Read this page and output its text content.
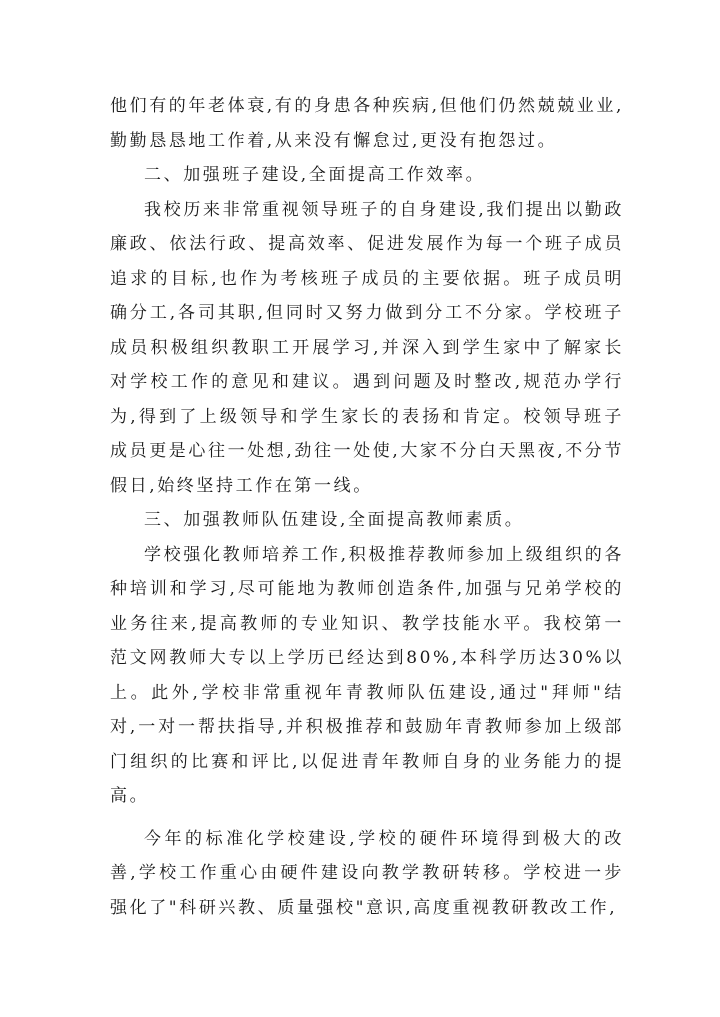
他们有的年老体衰,有的身患各种疾病,但他们仍然兢兢业业,勤勤恳恳地工作着,从来没有懈怠过,更没有抱怨过。

二、加强班子建设,全面提高工作效率。

我校历来非常重视领导班子的自身建设,我们提出以勤政廉政、依法行政、提高效率、促进发展作为每一个班子成员追求的目标,也作为考核班子成员的主要依据。班子成员明确分工,各司其职,但同时又努力做到分工不分家。学校班子成员积极组织教职工开展学习,并深入到学生家中了解家长对学校工作的意见和建议。遇到问题及时整改,规范办学行为,得到了上级领导和学生家长的表扬和肯定。校领导班子成员更是心往一处想,劲往一处使,大家不分白天黑夜,不分节假日,始终坚持工作在第一线。

三、加强教师队伍建设,全面提高教师素质。

学校强化教师培养工作,积极推荐教师参加上级组织的各种培训和学习,尽可能地为教师创造条件,加强与兄弟学校的业务往来,提高教师的专业知识、教学技能水平。我校第一范文网教师大专以上学历已经达到80%,本科学历达30%以上。此外,学校非常重视年青教师队伍建设,通过"拜师"结对,一对一帮扶指导,并积极推荐和鼓励年青教师参加上级部门组织的比赛和评比,以促进青年教师自身的业务能力的提高。

今年的标准化学校建设,学校的硬件环境得到极大的改善,学校工作重心由硬件建设向教学教研转移。学校进一步强化了"科研兴教、质量强校"意识,高度重视教研教改工作,
